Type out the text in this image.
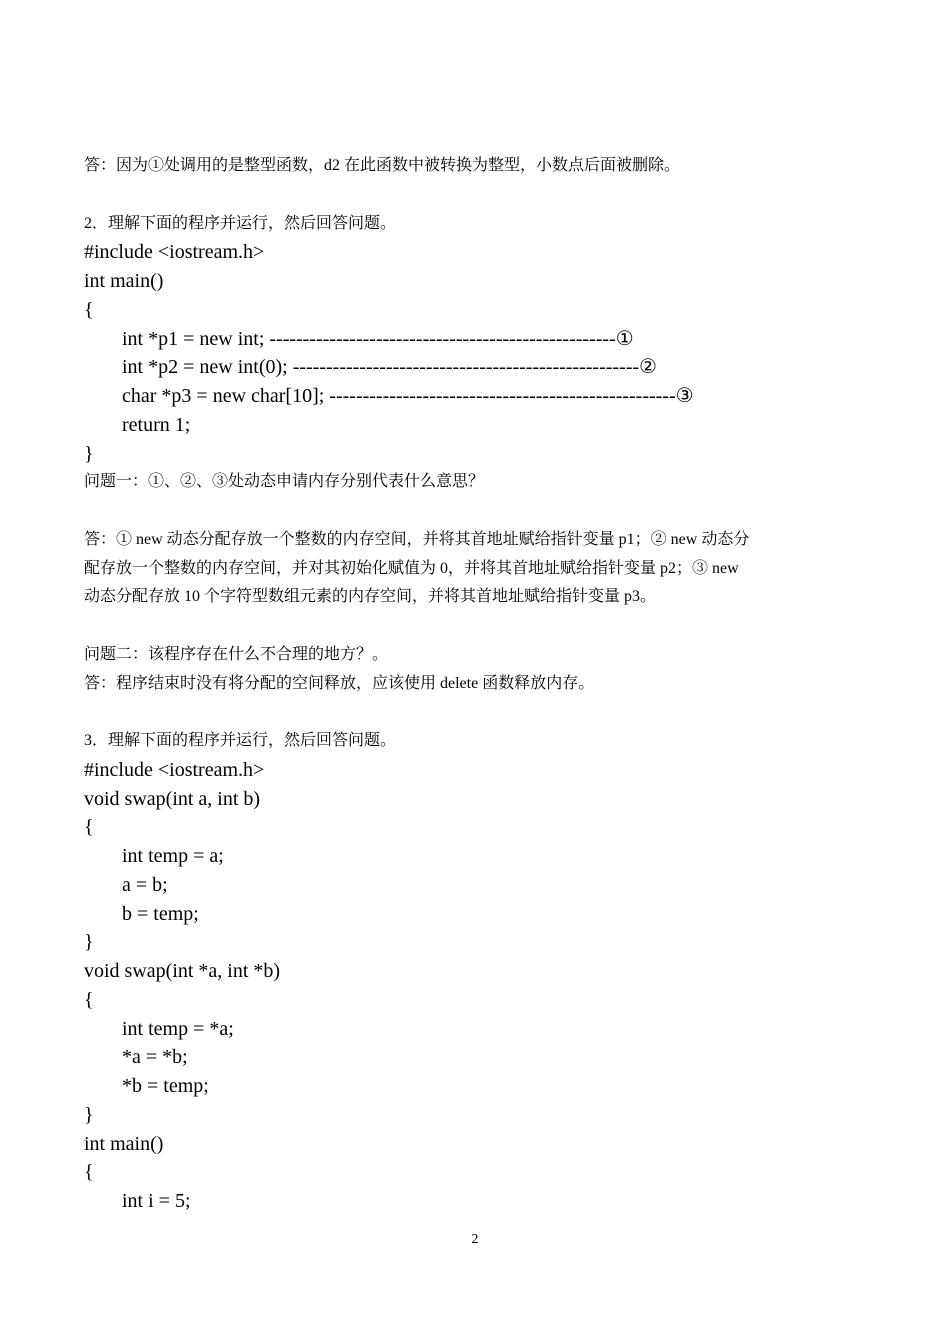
答：因为①处调用的是整型函数，d2 在此函数中被转换为整型，小数点后面被删除。
2．理解下面的程序并运行，然后回答问题。
#include <iostream.h>
int main()
{
int *p1 = new int; ----------------------------------------------------①
int *p2 = new int(0); ----------------------------------------------------②
char *p3 = new char[10]; ----------------------------------------------------③
return 1;
}
问题一：①、②、③处动态申请内存分别代表什么意思？
答：① new 动态分配存放一个整数的内存空间，并将其首地址赋给指针变量 p1；② new 动态分
配存放一个整数的内存空间，并对其初始化赋值为 0，并将其首地址赋给指针变量 p2；③ new
动态分配存放 10 个字符型数组元素的内存空间，并将其首地址赋给指针变量 p3。
问题二：该程序存在什么不合理的地方？。
答：程序结束时没有将分配的空间释放，应该使用 delete 函数释放内存。
3．理解下面的程序并运行，然后回答问题。
#include <iostream.h>
void swap(int a, int b)
{
int temp = a;
a = b;
b = temp;
}
void swap(int *a, int *b)
{
int temp = *a;
*a = *b;
*b = temp;
}
int main()
{
int i = 5;
2
